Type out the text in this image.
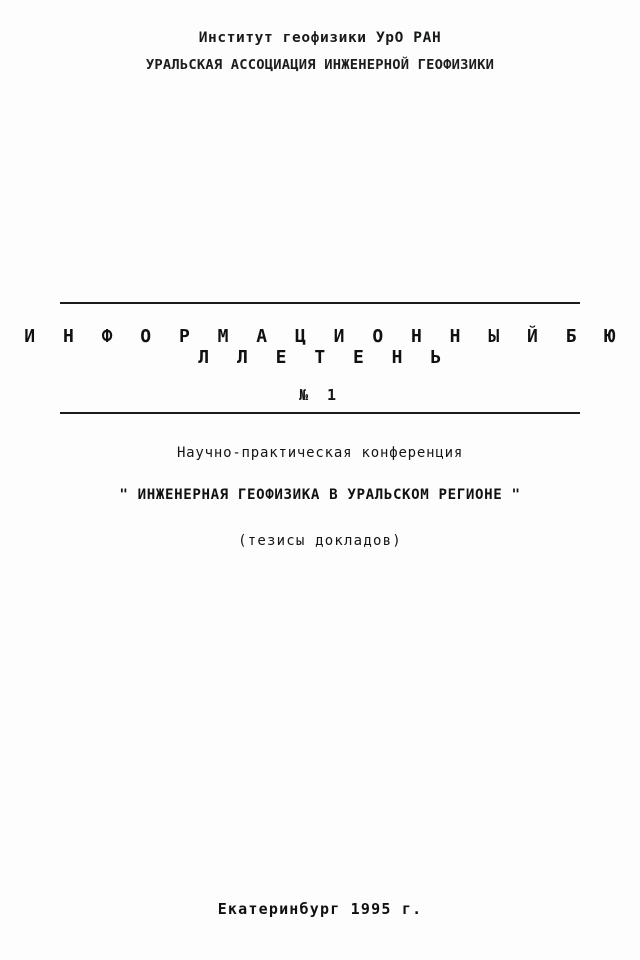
Институт геофизики УрО РАН
УРАЛЬСКАЯ АССОЦИАЦИЯ ИНЖЕНЕРНОЙ ГЕОФИЗИКИ
И Н Ф О Р М А Ц И О Н Н Ы Й Б Ю Л Л Е Т Е Н Ь
№ 1
Научно-практическая конференция
" ИНЖЕНЕРНАЯ ГЕОФИЗИКА В УРАЛЬСКОМ РЕГИОНЕ "
(тезисы докладов)
Екатеринбург 1995 г.
